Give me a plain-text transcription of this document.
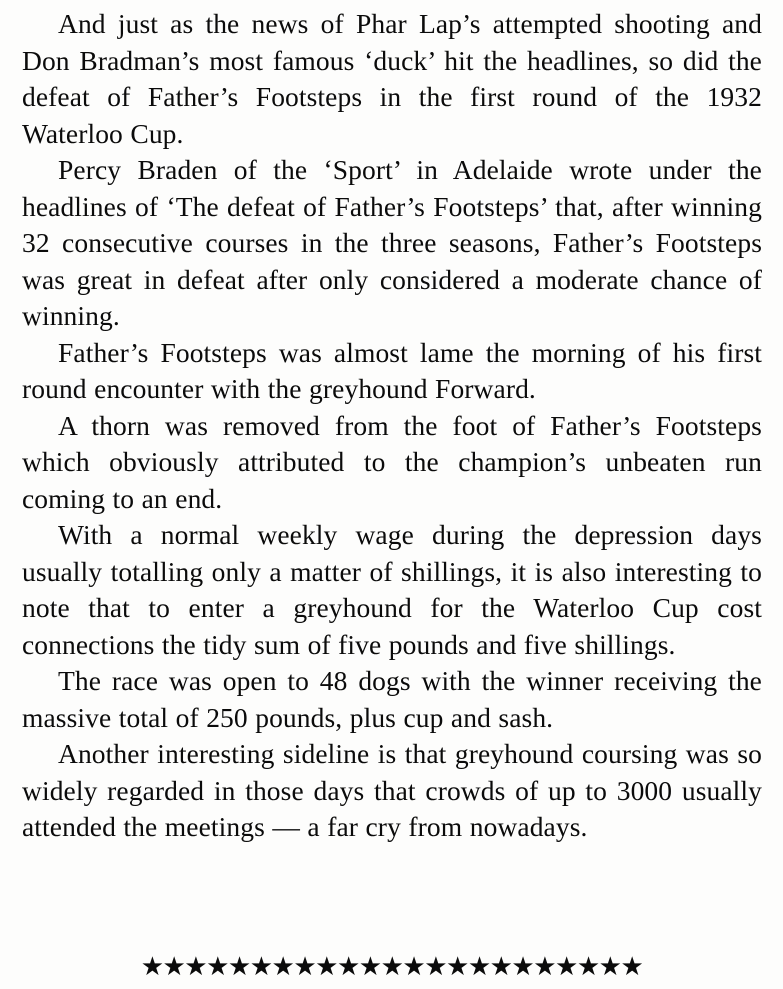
And just as the news of Phar Lap’s attempted shooting and Don Bradman’s most famous ‘duck’ hit the headlines, so did the defeat of Father’s Footsteps in the first round of the 1932 Waterloo Cup.

Percy Braden of the ‘Sport’ in Adelaide wrote under the headlines of ‘The defeat of Father’s Footsteps’ that, after winning 32 consecutive courses in the three seasons, Father’s Footsteps was great in defeat after only considered a moderate chance of winning.

Father’s Footsteps was almost lame the morning of his first round encounter with the greyhound Forward.

A thorn was removed from the foot of Father’s Footsteps which obviously attributed to the champion’s unbeaten run coming to an end.

With a normal weekly wage during the depression days usually totalling only a matter of shillings, it is also interesting to note that to enter a greyhound for the Waterloo Cup cost connections the tidy sum of five pounds and five shillings.

The race was open to 48 dogs with the winner receiving the massive total of 250 pounds, plus cup and sash.

Another interesting sideline is that greyhound coursing was so widely regarded in those days that crowds of up to 3000 usually attended the meetings — a far cry from nowadays.

★★★★★★★★★★★★★★★★★★★★★★★
